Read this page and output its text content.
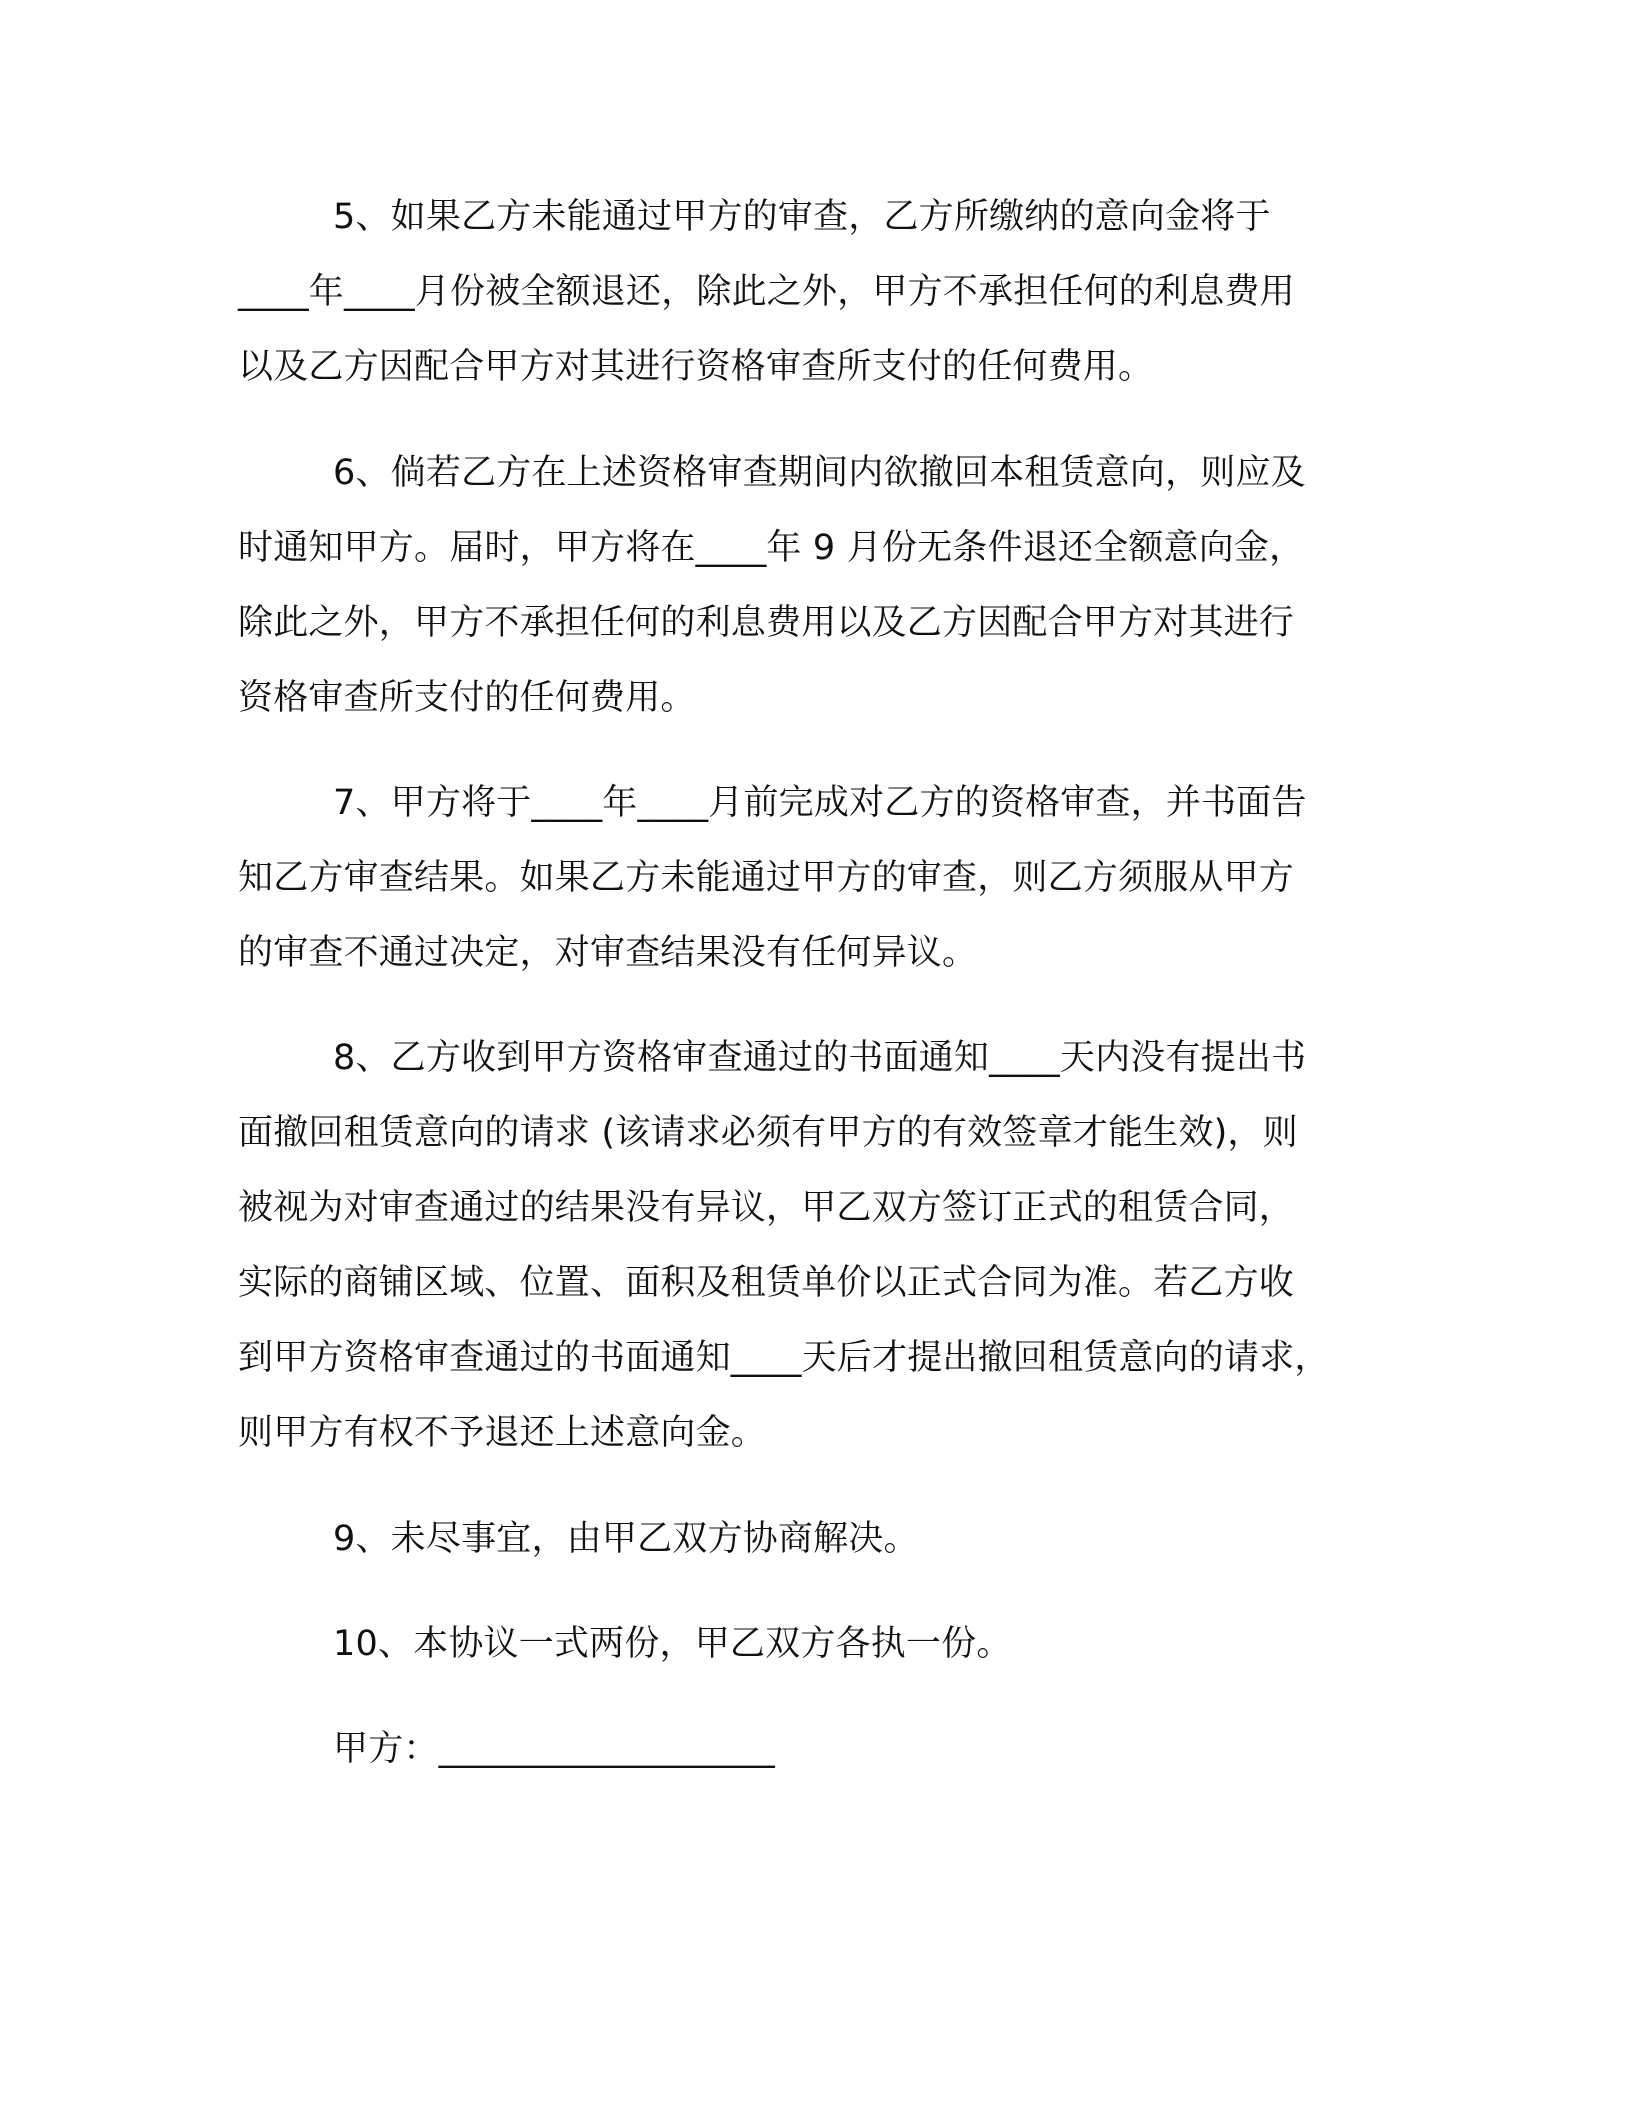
5、如果乙方未能通过甲方的审查，乙方所缴纳的意向金将于
____年____月份被全额退还，除此之外，甲方不承担任何的利息费用
以及乙方因配合甲方对其进行资格审查所支付的任何费用。
6、倘若乙方在上述资格审查期间内欲撤回本租赁意向，则应及
时通知甲方。届时，甲方将在____年 9 月份无条件退还全额意向金，
除此之外，甲方不承担任何的利息费用以及乙方因配合甲方对其进行
资格审查所支付的任何费用。
7、甲方将于____年____月前完成对乙方的资格审查，并书面告
知乙方审查结果。如果乙方未能通过甲方的审查，则乙方须服从甲方
的审查不通过决定，对审查结果没有任何异议。
8、乙方收到甲方资格审查通过的书面通知____天内没有提出书
面撤回租赁意向的请求 (该请求必须有甲方的有效签章才能生效)，则
被视为对审查通过的结果没有异议，甲乙双方签订正式的租赁合同，
实际的商铺区域、位置、面积及租赁单价以正式合同为准。若乙方收
到甲方资格审查通过的书面通知____天后才提出撤回租赁意向的请求，
则甲方有权不予退还上述意向金。
9、未尽事宜，由甲乙双方协商解决。
10、本协议一式两份，甲乙双方各执一份。
甲方：___________________
